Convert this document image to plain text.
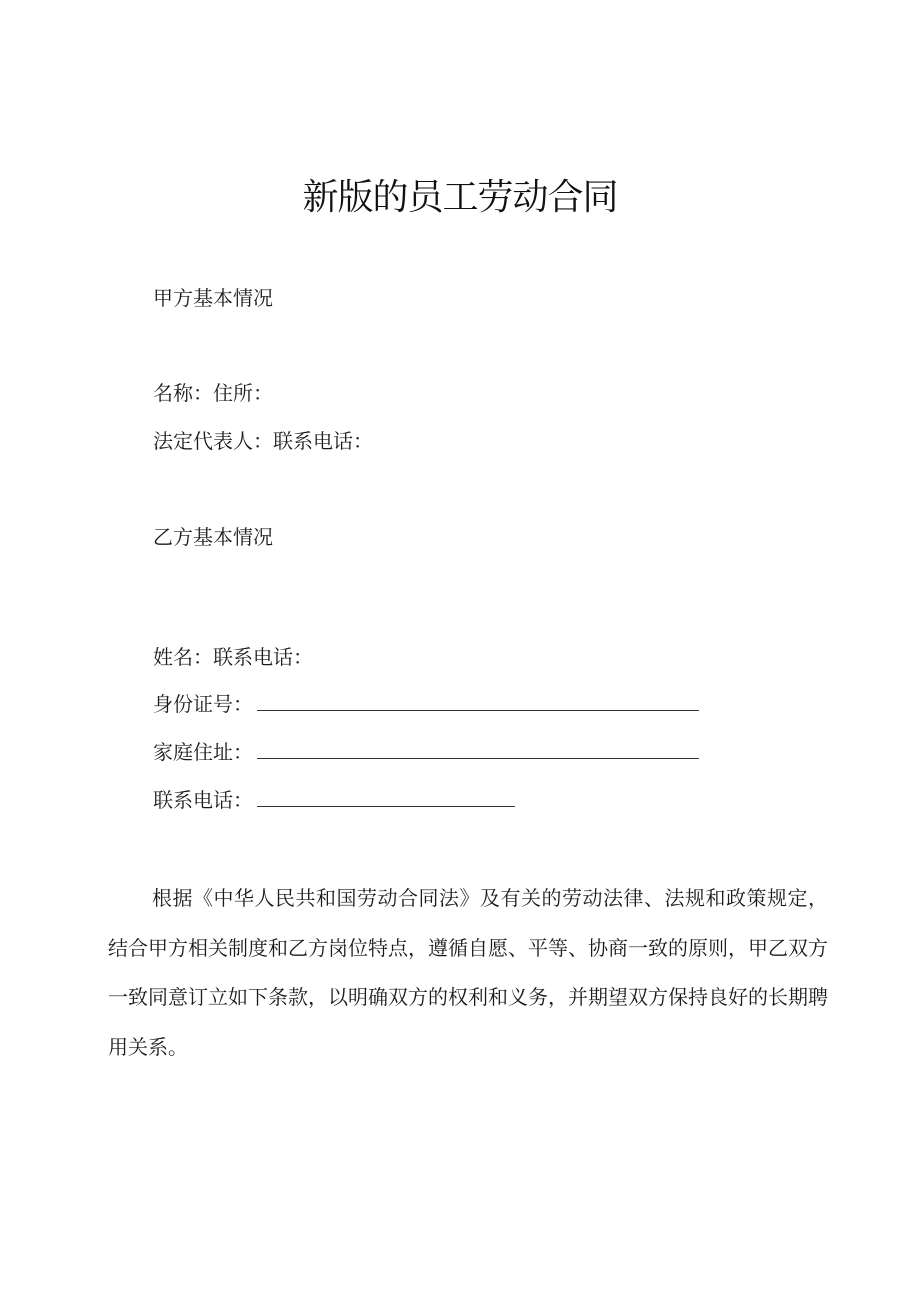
新版的员工劳动合同
甲方基本情况
名称：住所：
法定代表人：联系电话：
乙方基本情况
姓名：联系电话：
身份证号：
家庭住址：
联系电话：

根据《中华人民共和国劳动合同法》及有关的劳动法律、法规和政策规定，结合甲方相关制度和乙方岗位特点，遵循自愿、平等、协商一致的原则，甲乙双方一致同意订立如下条款，以明确双方的权利和义务，并期望双方保持良好的长期聘用关系。
